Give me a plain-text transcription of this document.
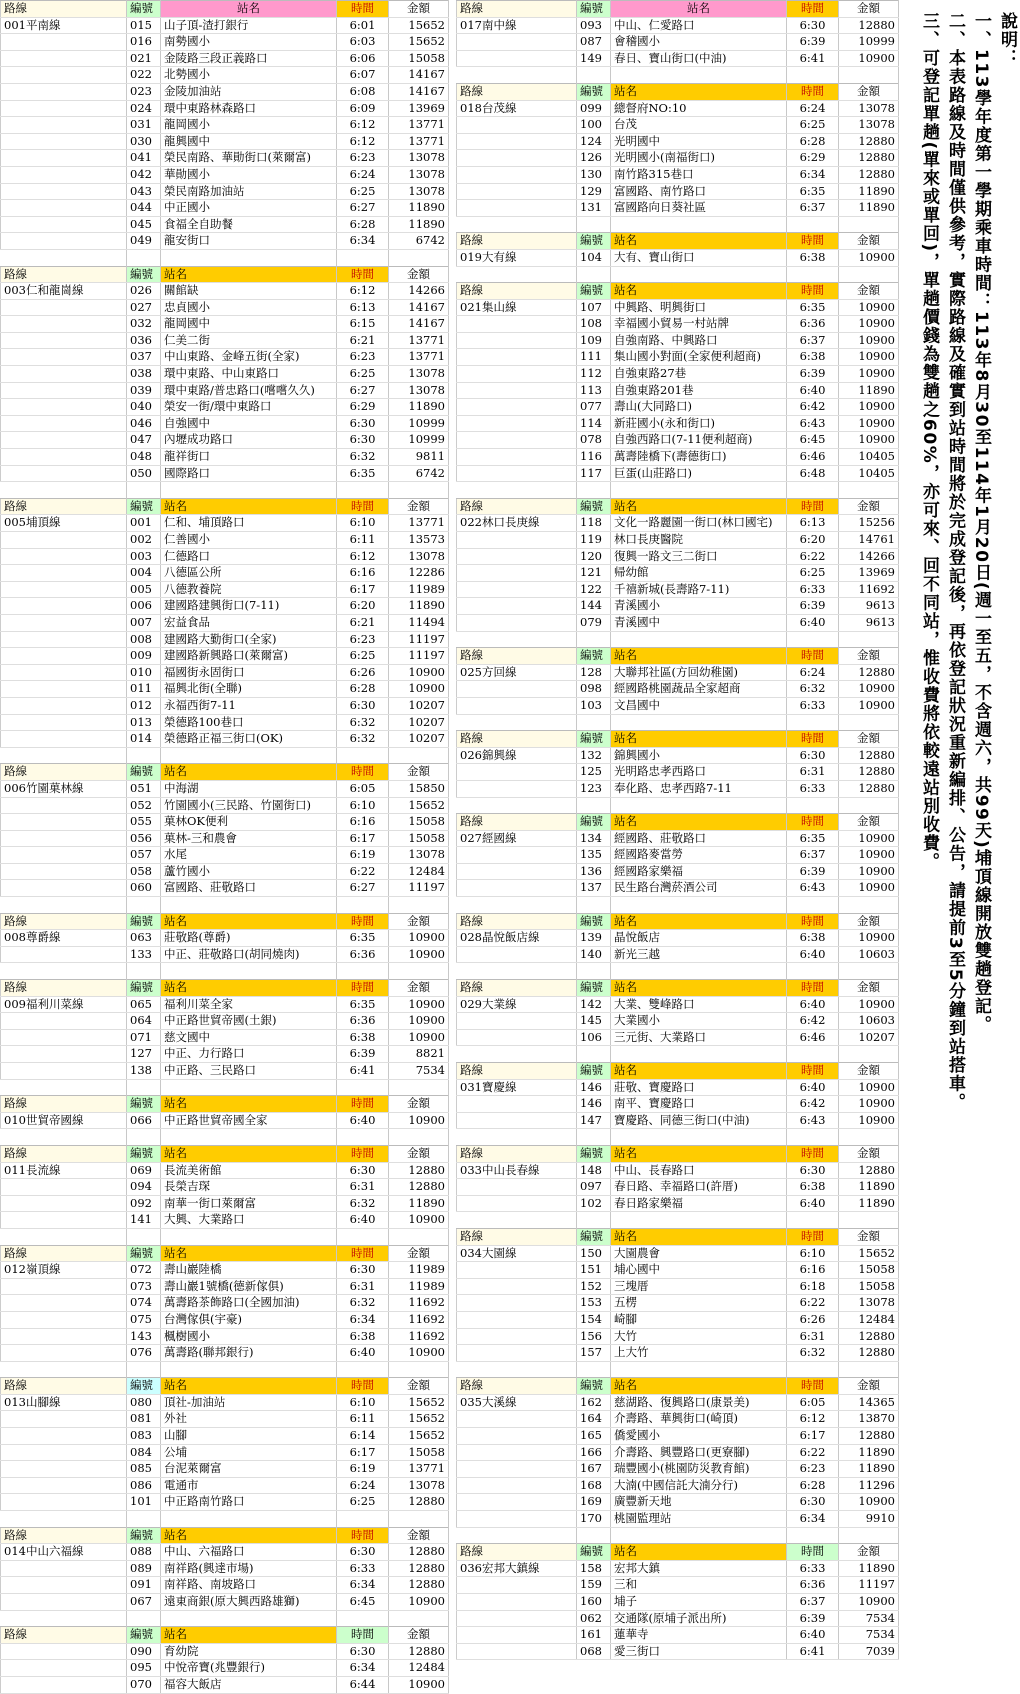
路線	編號	站名	時間	金額
001平南線	015	山子頂-渣打銀行	6:01	15652
	016	南勢國小	6:03	15652
	021	金陵路三段正義路口	6:06	15058
	022	北勢國小	6:07	14167
	023	金陵加油站	6:08	14167
	024	環中東路林森路口	6:09	13969
	031	龍岡國小	6:12	13771
	030	龍興國中	6:12	13771
	041	榮民南路、華勛街口(萊爾富)	6:23	13078
	042	華勛國小	6:24	13078
	043	榮民南路加油站	6:25	13078
	044	中正國小	6:27	11890
	045	食福全自助餐	6:28	11890
	049	龍安街口	6:34	6742

路線	編號	站名	時間	金額
003仁和龍崗線	026	關館缺	6:12	14266
	027	忠貞國小	6:13	14167
	032	龍岡國中	6:15	14167
	036	仁美二街	6:21	13771
	037	中山東路、金峰五街(全家)	6:23	13771
	038	環中東路、中山東路口	6:25	13078
	039	環中東路/普忠路口(嚐嚐久久)	6:27	13078
	040	榮安一街/環中東路口	6:29	11890
	046	自強國中	6:30	10999
	047	內壢成功路口	6:30	10999
	048	龍祥街口	6:32	9811
	050	國際路口	6:35	6742

路線	編號	站名	時間	金額
005埔頂線	001	仁和、埔頂路口	6:10	13771
	002	仁善國小	6:11	13573
	003	仁德路口	6:12	13078
	004	八德區公所	6:16	12286
	005	八德教養院	6:17	11989
	006	建國路建興街口(7-11)	6:20	11890
	007	宏益食品	6:21	11494
	008	建國路大勤街口(全家)	6:23	11197
	009	建國路新興路口(萊爾富)	6:25	11197
	010	福國街永固街口	6:26	10900
	011	福興北街(全聯)	6:28	10900
	012	永福西街7-11	6:30	10207
	013	榮德路100巷口	6:32	10207
	014	榮德路正福三街口(OK)	6:32	10207

路線	編號	站名	時間	金額
006竹園菓林線	051	中海湖	6:05	15850
	052	竹園國小(三民路、竹園街口)	6:10	15652
	055	菓林OK便利	6:16	15058
	056	菓林-三和農會	6:17	15058
	057	水尾	6:19	13078
	058	蘆竹國小	6:22	12484
	060	富國路、莊敬路口	6:27	11197

路線	編號	站名	時間	金額
008尊爵線	063	莊敬路(尊爵)	6:35	10900
	133	中正、莊敬路口(胡同燒肉)	6:36	10900

路線	編號	站名	時間	金額
009福利川菜線	065	福利川菜全家	6:35	10900
	064	中正路世貿帝國(土銀)	6:36	10900
	071	慈文國中	6:38	10900
	127	中正、力行路口	6:39	8821
	138	中正路、三民路口	6:41	7534

路線	編號	站名	時間	金額
010世貿帝國線	066	中正路世貿帝國全家	6:40	10900

路線	編號	站名	時間	金額
011長流線	069	長流美術館	6:30	12880
	094	長榮吉琛	6:31	12880
	092	南華一街口萊爾富	6:32	11890
	141	大興、大業路口	6:40	10900

路線	編號	站名	時間	金額
012嶺頂線	072	壽山巖陸橋	6:30	11989
	073	壽山巖1號橋(德新傢俱)	6:31	11989
	074	萬壽路茶飾路口(全國加油)	6:32	11692
	075	台灣傢俱(宇豪)	6:34	11692
	143	楓樹國小	6:38	11692
	076	萬壽路(聯邦銀行)	6:40	10900

路線	編號	站名	時間	金額
013山腳線	080	頂社-加油站	6:10	15652
	081	外社	6:11	15652
	083	山腳	6:14	15652
	084	公埔	6:17	15058
	085	台泥萊爾富	6:19	13771
	086	電通市	6:24	13078
	101	中正路南竹路口	6:25	12880

路線	編號	站名	時間	金額
014中山六福線	088	中山、六福路口	6:30	12880
	089	南祥路(興達市場)	6:33	12880
	091	南祥路、南坡路口	6:34	12880
	067	遠東商銀(原大興西路雄獅)	6:45	10900

路線	編號	站名	時間	金額
	090	育幼院	6:30	12880
	095	中悅帝寶(兆豐銀行)	6:34	12484
	070	福容大飯店	6:44	10900
路線	編號	站名	時間	金額
017南中線	093	中山、仁愛路口	6:30	12880
	087	會稽國小	6:39	10999
	149	春日、寶山街口(中油)	6:41	10900

路線	編號	站名	時間	金額
018台茂線	099	總督府NO:10	6:24	13078
	100	台茂	6:25	13078
	124	光明國中	6:28	12880
	126	光明國小(南福街口)	6:29	12880
	130	南竹路315巷口	6:34	12880
	129	富國路、南竹路口	6:35	11890
	131	富國路向日葵社區	6:37	11890

路線	編號	站名	時間	金額
019大有線	104	大有、寶山街口	6:38	10900

路線	編號	站名	時間	金額
021集山線	107	中興路、明興街口	6:35	10900
	108	幸福國小貿易一村站牌	6:36	10900
	109	自強南路、中興路口	6:37	10900
	111	集山國小對面(全家便利超商)	6:38	10900
	112	自強東路27巷	6:39	10900
	113	自強東路201巷	6:40	11890
	077	壽山(大同路口)	6:42	10900
	114	新莊國小(永和街口)	6:43	10900
	078	自強西路口(7-11便利超商)	6:45	10900
	116	萬壽陸橋下(壽德街口)	6:46	10405
	117	巨蛋(山莊路口)	6:48	10405

路線	編號	站名	時間	金額
022林口長庚線	118	文化一路麗園一街口(林口國宅)	6:13	15256
	119	林口長庚醫院	6:20	14761
	120	復興一路文三二街口	6:22	14266
	121	帰幼館	6:25	13969
	122	千禧新城(長壽路7-11)	6:33	11692
	144	青溪國小	6:39	9613
	079	青溪國中	6:40	9613

路線	編號	站名	時間	金額
025方回線	128	大聯邦社區(方回幼稚園)	6:24	12880
	098	經國路桃園蔬品全家超商	6:32	10900
	103	文昌國中	6:33	10900

路線	編號	站名	時間	金額
026錦興線	132	錦興國小	6:30	12880
	125	光明路忠孝西路口	6:31	12880
	123	奉化路、忠孝西路7-11	6:33	12880

路線	編號	站名	時間	金額
027經國線	134	經國路、莊敬路口	6:35	10900
	135	經國路麥當勞	6:37	10900
	136	經國路家樂福	6:39	10900
	137	民生路台灣菸酒公司	6:43	10900

路線	編號	站名	時間	金額
028晶悅飯店線	139	晶悅飯店	6:38	10900
	140	新光三越	6:40	10603

路線	編號	站名	時間	金額
029大業線	142	大業、雙峰路口	6:40	10900
	145	大業國小	6:42	10603
	106	三元街、大業路口	6:46	10207

路線	編號	站名	時間	金額
031寶慶線	146	莊敬、寶慶路口	6:40	10900
	146	南平、寶慶路口	6:42	10900
	147	寶慶路、同德三街口(中油)	6:43	10900

路線	編號	站名	時間	金額
033中山長春線	148	中山、長春路口	6:30	12880
	097	春日路、幸福路口(許厝)	6:38	11890
	102	春日路家樂福	6:40	11890

路線	編號	站名	時間	金額
034大園線	150	大園農會	6:10	15652
	151	埔心國中	6:16	15058
	152	三塊厝	6:18	15058
	153	五楞	6:22	13078
	154	崎腳	6:26	12484
	156	大竹	6:31	12880
	157	上大竹	6:32	12880

路線	編號	站名	時間	金額
035大溪線	162	慈湖路、復興路口(康景美)	6:05	14365
	164	介壽路、華興街口(崎頂)	6:12	13870
	165	僑愛國小	6:17	12880
	166	介壽路、興豐路口(更寮腳)	6:22	11890
	167	瑞豐國小(桃園防災教育館)	6:23	11890
	168	大湳(中國信託大湳分行)	6:28	11296
	169	廣豐新天地	6:30	10900
	170	桃園監理站	6:34	9910

路線	編號	站名	時間	金額
036宏邦大鎮線	158	宏邦大鎮	6:33	11890
	159	三和	6:36	11197
	160	埔子	6:37	10900
	062	交通隊(原埔子派出所)	6:39	7534
	161	蓮華寺	6:40	7534
	068	愛三街口	6:41	7039
說明：
一、113學年度第一學期乘車時間：113年8月30至114年1月20日(週一至五，不含週六，共99天)埔頂線開放雙趟登記。
二、本表路線及時間僅供參考，實際路線及確實到站時間將於完成登記後，再依登記狀況重新編排、公告，請提前3至5分鐘到站搭車。
三、可登記單趟(單來或單回)，單趟價錢為雙趟之60%，亦可來、回不同站，惟收費將依較遠站別收費。
